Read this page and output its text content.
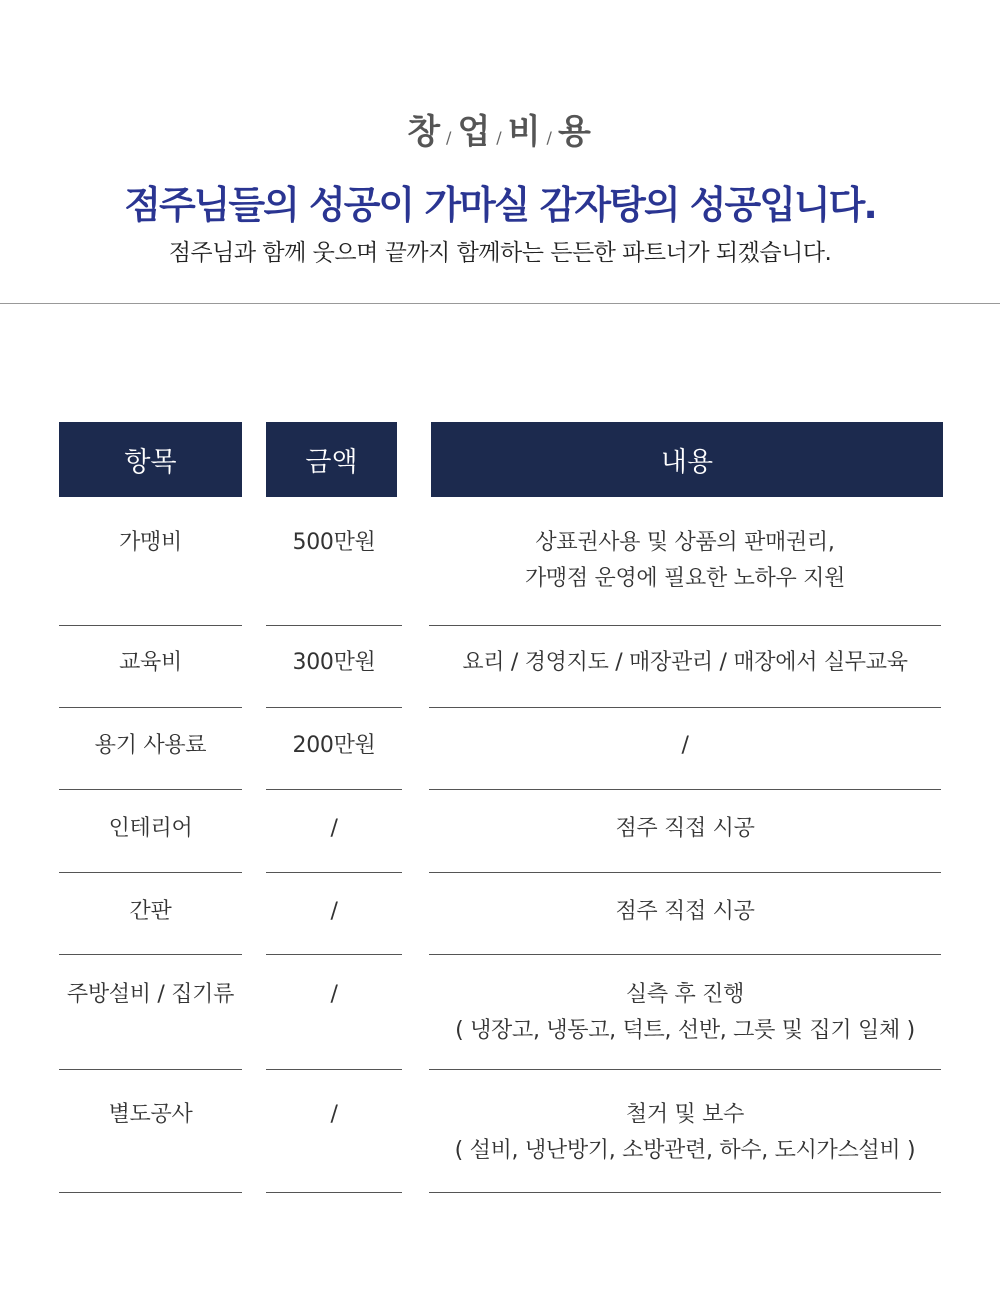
창 / 업 / 비 / 용
점주님들의 성공이 가마실 감자탕의 성공입니다.
점주님과 함께 웃으며 끝까지 함께하는 든든한 파트너가 되겠습니다.
항목	금액	내용
가맹비	500만원	상표권사용 및 상품의 판매권리,
가맹점 운영에 필요한 노하우 지원
교육비	300만원	요리 / 경영지도 / 매장관리 / 매장에서 실무교육
용기 사용료	200만원	/
인테리어	/	점주 직접 시공
간판	/	점주 직접 시공
주방설비 / 집기류	/	실측 후 진행
( 냉장고, 냉동고, 덕트, 선반, 그릇 및 집기 일체 )
별도공사	/	철거 및 보수
( 설비, 냉난방기, 소방관련, 하수, 도시가스설비 )
